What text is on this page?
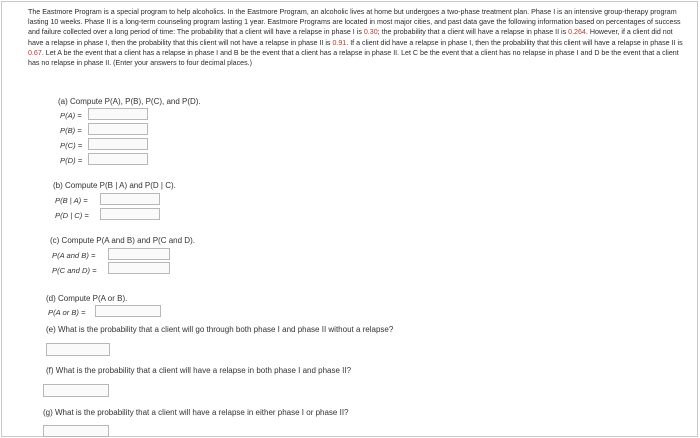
The Eastmore Program is a special program to help alcoholics. In the Eastmore Program, an alcoholic lives at home but undergoes a two-phase treatment plan. Phase I is an intensive group-therapy program lasting 10 weeks. Phase II is a long-term counseling program lasting 1 year. Eastmore Programs are located in most major cities, and past data gave the following information based on percentages of success and failure collected over a long period of time: The probability that a client will have a relapse in phase I is 0.30; the probability that a client will have a relapse in phase II is 0.264. However, if a client did not have a relapse in phase I, then the probability that this client will not have a relapse in phase II is 0.91. If a client did have a relapse in phase I, then the probability that this client will have a relapse in phase II is 0.67. Let A be the event that a client has a relapse in phase I and B be the event that a client has a relapse in phase II. Let C be the event that a client has no relapse in phase I and D be the event that a client has no relapse in phase II. (Enter your answers to four decimal places.)
(a) Compute P(A), P(B), P(C), and P(D).
P(A) =
P(B) =
P(C) =
P(D) =
(b) Compute P(B | A) and P(D | C).
P(B | A) =
P(D | C) =
(c) Compute P(A and B) and P(C and D).
P(A and B) =
P(C and D) =
(d) Compute P(A or B).
P(A or B) =
(e) What is the probability that a client will go through both phase I and phase II without a relapse?
(f) What is the probability that a client will have a relapse in both phase I and phase II?
(g) What is the probability that a client will have a relapse in either phase I or phase II?
